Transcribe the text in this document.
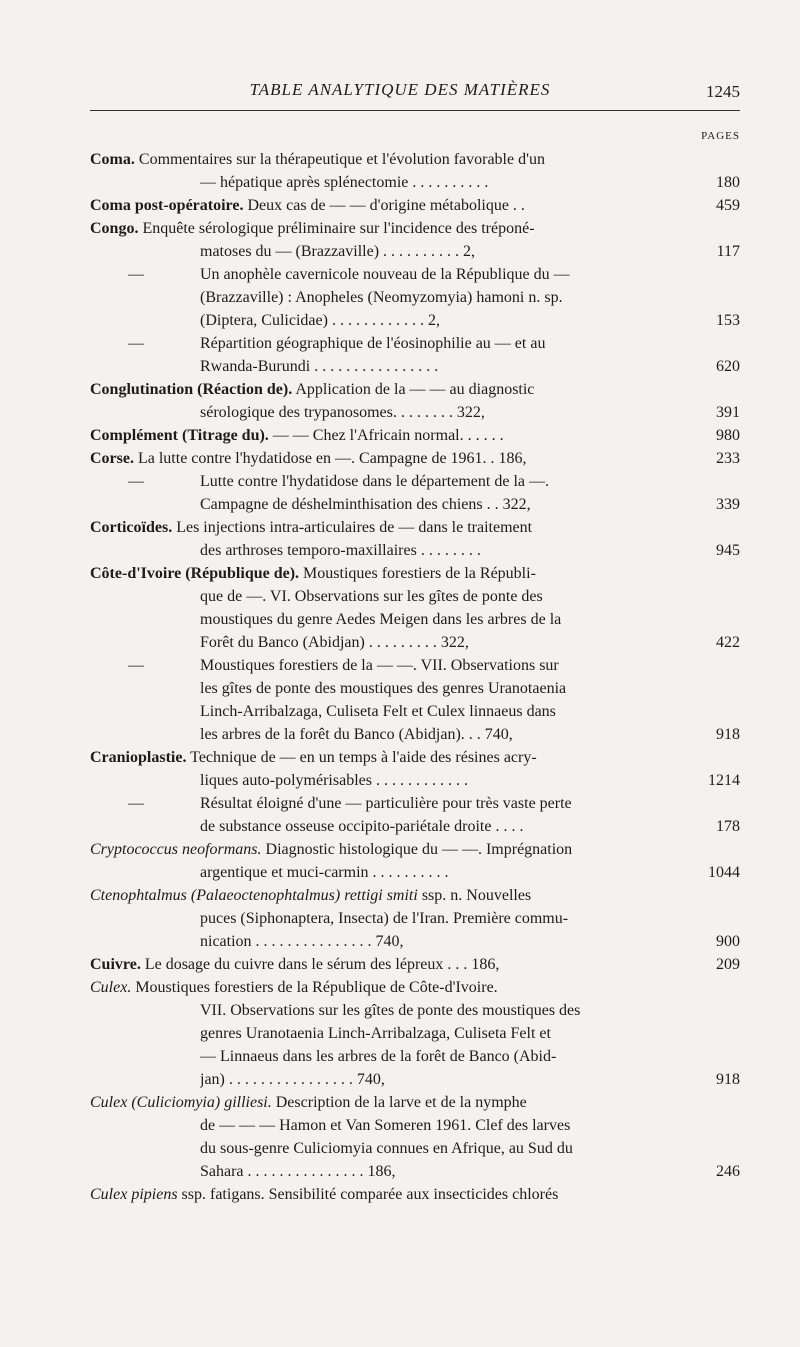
TABLE ANALYTIQUE DES MATIÈRES	1245
PAGES
Coma. Commentaires sur la thérapeutique et l'évolution favorable d'un
— hépatique après splénectomie . . . . . . . . . .	180
Coma post-opératoire. Deux cas de — — d'origine métabolique . .	459
Congo. Enquête sérologique préliminaire sur l'incidence des tréponé-
matoses du — (Brazzaville) . . . . . . . . . . 2,	117
—	Un anophèle cavernicole nouveau de la République du —
(Brazzaville) : Anopheles (Neomyzomyia) hamoni n. sp.
(Diptera, Culicidae) . . . . . . . . . . . . 2,	153
—	Répartition géographique de l'éosinophilie au — et au
Rwanda-Burundi . . . . . . . . . . . . . . . .	620
Conglutination (Réaction de). Application de la — — au diagnostic
sérologique des trypanosomes. . . . . . . . 322,	391
Complément (Titrage du). — — Chez l'Africain normal. . . . . .	980
Corse. La lutte contre l'hydatidose en —. Campagne de 1961. . 186,	233
—	Lutte contre l'hydatidose dans le département de la —.
Campagne de déshelminthisation des chiens . . 322,	339
Corticoïdes. Les injections intra-articulaires de — dans le traitement
des arthroses temporo-maxillaires . . . . . . . .	945
Côte-d'Ivoire (République de). Moustiques forestiers de la Républi-
que de —. VI. Observations sur les gîtes de ponte des
moustiques du genre Aedes Meigen dans les arbres de la
Forêt du Banco (Abidjan) . . . . . . . . . 322,	422
—	Moustiques forestiers de la — —. VII. Observations sur
les gîtes de ponte des moustiques des genres Uranotaenia
Linch-Arribalzaga, Culiseta Felt et Culex linnaeus dans
les arbres de la forêt du Banco (Abidjan). . . 740,	918
Cranioplastie. Technique de — en un temps à l'aide des résines acry-
liques auto-polymérisables . . . . . . . . . . . .	1214
—	Résultat éloigné d'une — particulière pour très vaste perte
de substance osseuse occipito-pariétale droite . . . .	178
Cryptococcus neoformans. Diagnostic histologique du — —. Imprégnation
argentique et muci-carmin . . . . . . . . . .	1044
Ctenophtalmus (Palaeoctenophtalmus) rettigi smiti ssp. n. Nouvelles
puces (Siphonaptera, Insecta) de l'Iran. Première commu-
nication . . . . . . . . . . . . . . . 740,	900
Cuivre. Le dosage du cuivre dans le sérum des lépreux . . . 186,	209
Culex. Moustiques forestiers de la République de Côte-d'Ivoire.
VII. Observations sur les gîtes de ponte des moustiques des
genres Uranotaenia Linch-Arribalzaga, Culiseta Felt et
— Linnaeus dans les arbres de la forêt de Banco (Abid-
jan) . . . . . . . . . . . . . . . . 740,	918
Culex (Culiciomyia) gilliesi. Description de la larve et de la nymphe
de — — — Hamon et Van Someren 1961. Clef des larves
du sous-genre Culiciomyia connues en Afrique, au Sud du
Sahara . . . . . . . . . . . . . . . 186,	246
Culex pipiens ssp. fatigans. Sensibilité comparée aux insecticides chlorés
